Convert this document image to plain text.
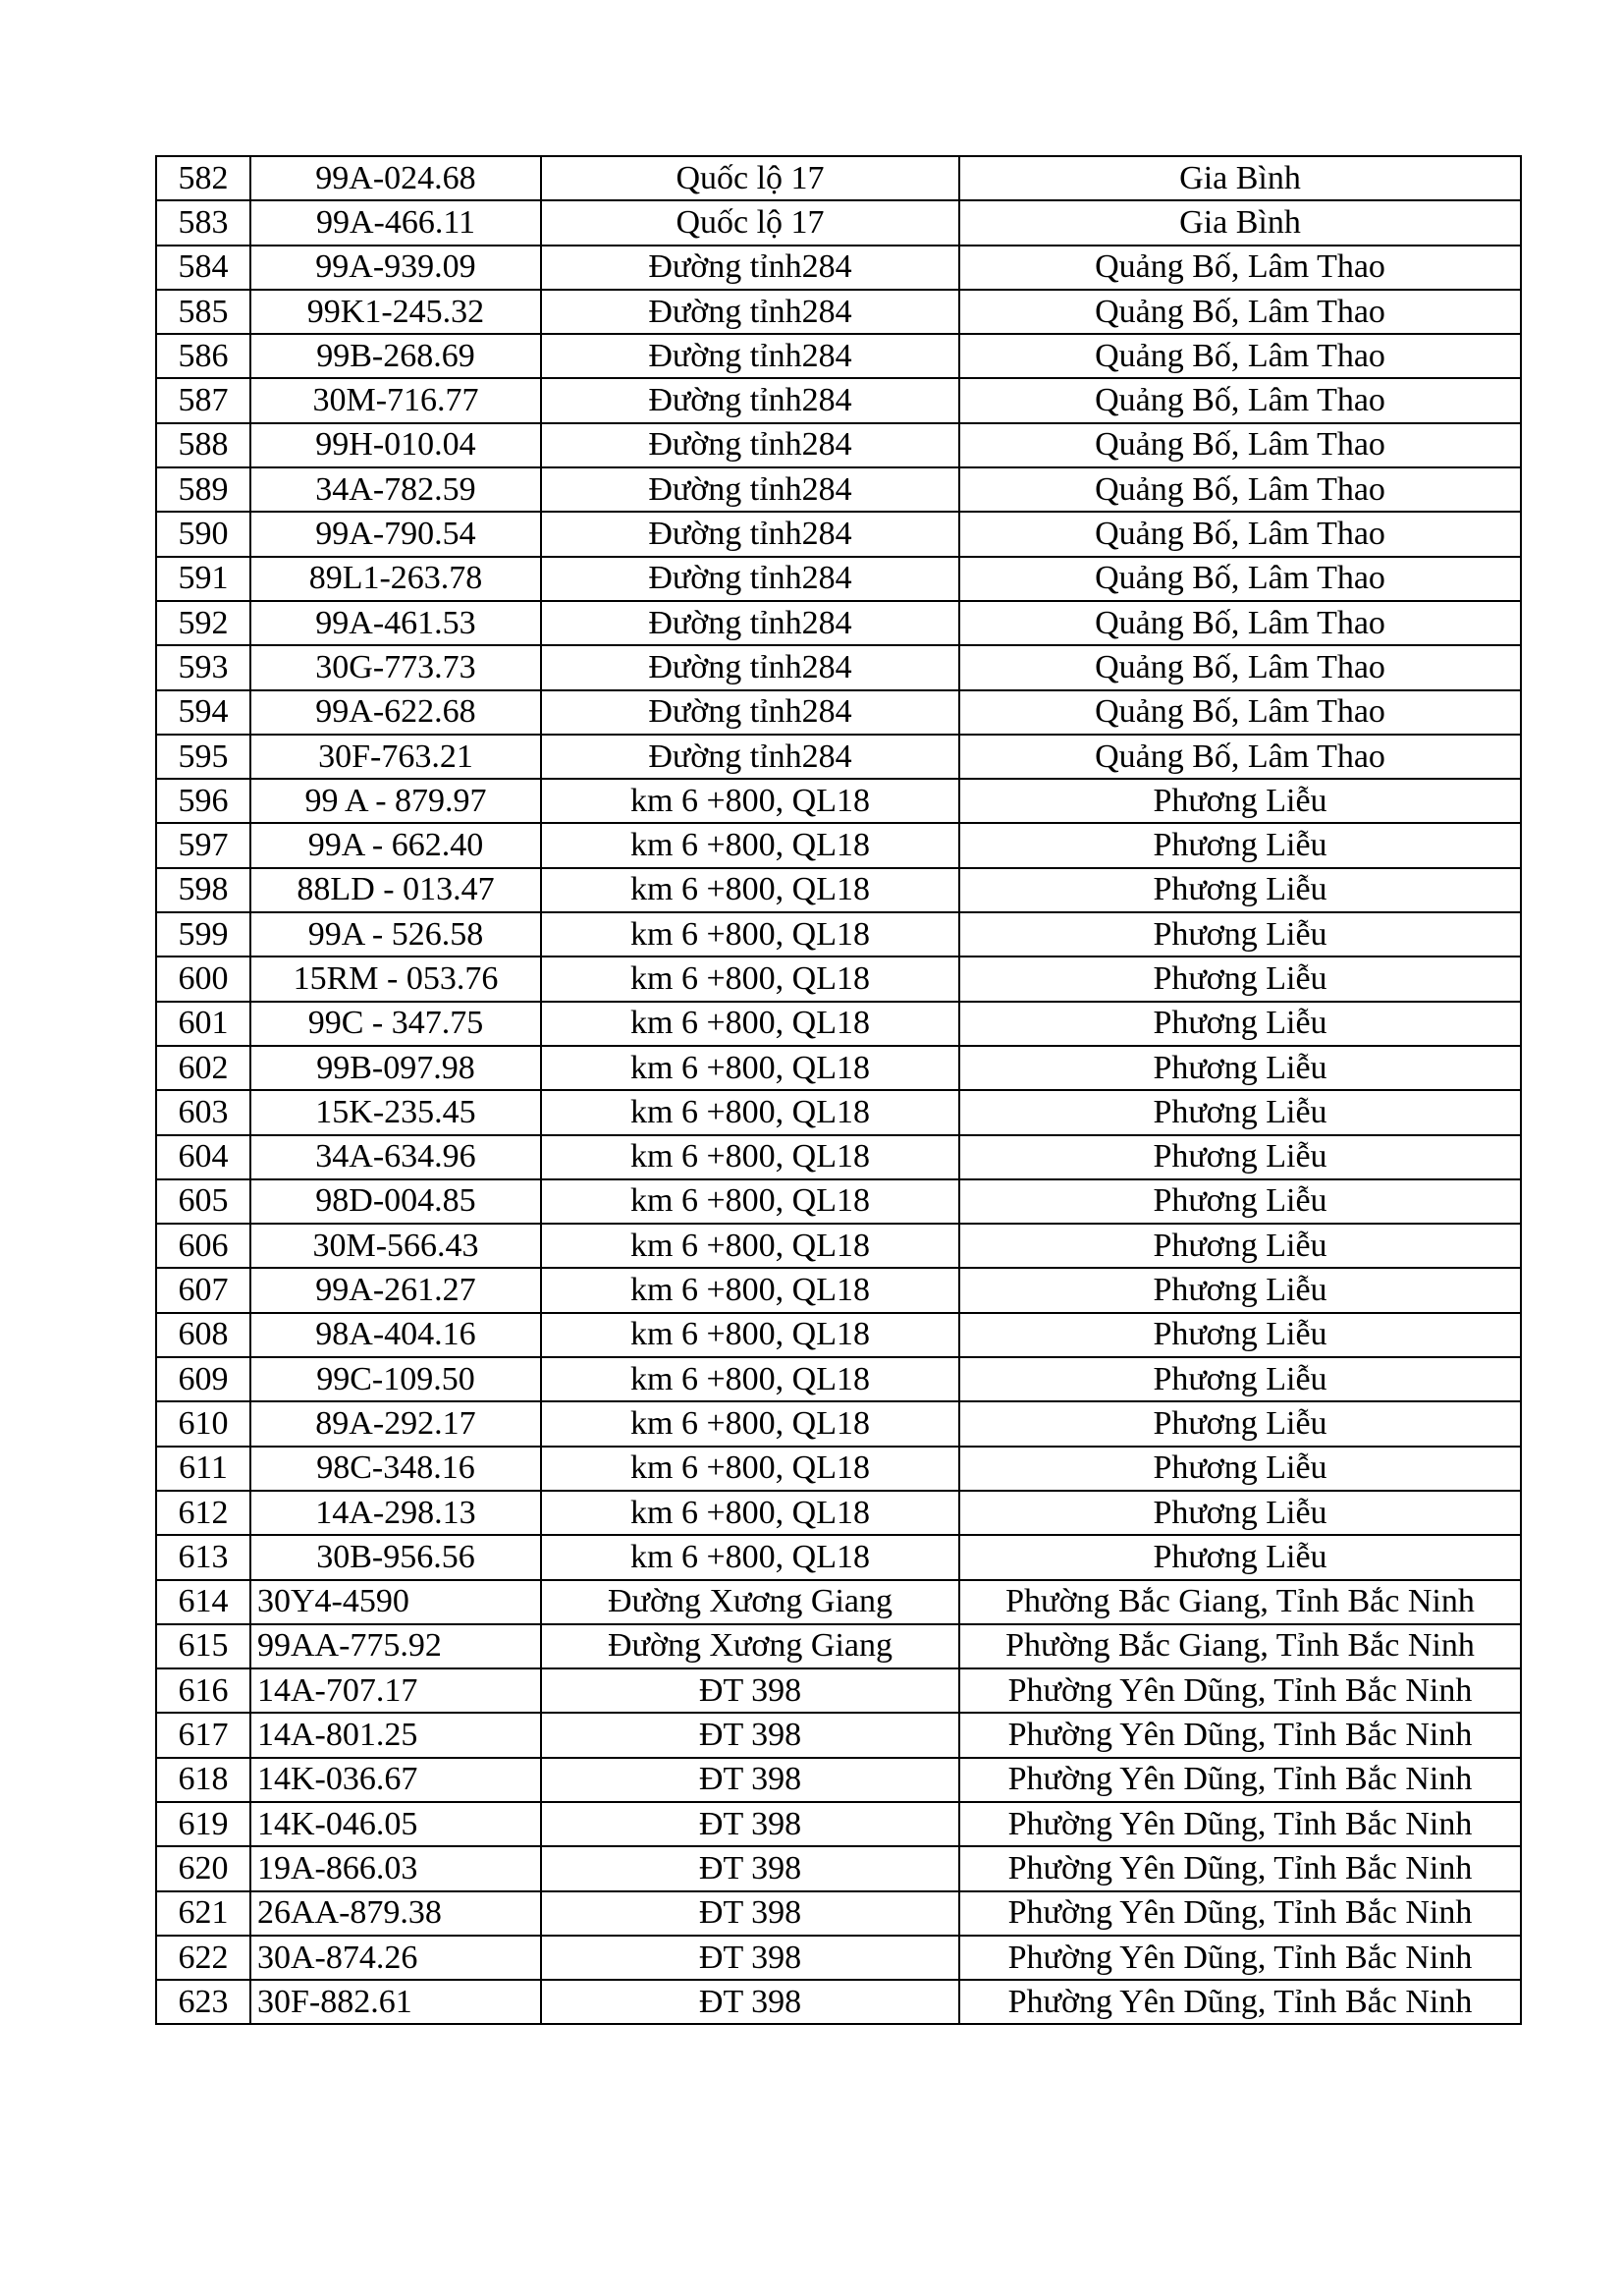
582	99A-024.68	Quốc lộ 17	Gia Bình
583	99A-466.11	Quốc lộ 17	Gia Bình
584	99A-939.09	Đường tỉnh284	Quảng Bố, Lâm Thao
585	99K1-245.32	Đường tỉnh284	Quảng Bố, Lâm Thao
586	99B-268.69	Đường tỉnh284	Quảng Bố, Lâm Thao
587	30M-716.77	Đường tỉnh284	Quảng Bố, Lâm Thao
588	99H-010.04	Đường tỉnh284	Quảng Bố, Lâm Thao
589	34A-782.59	Đường tỉnh284	Quảng Bố, Lâm Thao
590	99A-790.54	Đường tỉnh284	Quảng Bố, Lâm Thao
591	89L1-263.78	Đường tỉnh284	Quảng Bố, Lâm Thao
592	99A-461.53	Đường tỉnh284	Quảng Bố, Lâm Thao
593	30G-773.73	Đường tỉnh284	Quảng Bố, Lâm Thao
594	99A-622.68	Đường tỉnh284	Quảng Bố, Lâm Thao
595	30F-763.21	Đường tỉnh284	Quảng Bố, Lâm Thao
596	99 A - 879.97	km 6 +800, QL18	Phương Liễu
597	99A - 662.40	km 6 +800, QL18	Phương Liễu
598	88LD - 013.47	km 6 +800, QL18	Phương Liễu
599	99A - 526.58	km 6 +800, QL18	Phương Liễu
600	15RM - 053.76	km 6 +800, QL18	Phương Liễu
601	99C - 347.75	km 6 +800, QL18	Phương Liễu
602	99B-097.98	km 6 +800, QL18	Phương Liễu
603	15K-235.45	km 6 +800, QL18	Phương Liễu
604	34A-634.96	km 6 +800, QL18	Phương Liễu
605	98D-004.85	km 6 +800, QL18	Phương Liễu
606	30M-566.43	km 6 +800, QL18	Phương Liễu
607	99A-261.27	km 6 +800, QL18	Phương Liễu
608	98A-404.16	km 6 +800, QL18	Phương Liễu
609	99C-109.50	km 6 +800, QL18	Phương Liễu
610	89A-292.17	km 6 +800, QL18	Phương Liễu
611	98C-348.16	km 6 +800, QL18	Phương Liễu
612	14A-298.13	km 6 +800, QL18	Phương Liễu
613	30B-956.56	km 6 +800, QL18	Phương Liễu
614	30Y4-4590	Đường Xương Giang	Phường Bắc Giang, Tỉnh Bắc Ninh
615	99AA-775.92	Đường Xương Giang	Phường Bắc Giang, Tỉnh Bắc Ninh
616	14A-707.17	ĐT 398	Phường Yên Dũng, Tỉnh Bắc Ninh
617	14A-801.25	ĐT 398	Phường Yên Dũng, Tỉnh Bắc Ninh
618	14K-036.67	ĐT 398	Phường Yên Dũng, Tỉnh Bắc Ninh
619	14K-046.05	ĐT 398	Phường Yên Dũng, Tỉnh Bắc Ninh
620	19A-866.03	ĐT 398	Phường Yên Dũng, Tỉnh Bắc Ninh
621	26AA-879.38	ĐT 398	Phường Yên Dũng, Tỉnh Bắc Ninh
622	30A-874.26	ĐT 398	Phường Yên Dũng, Tỉnh Bắc Ninh
623	30F-882.61	ĐT 398	Phường Yên Dũng, Tỉnh Bắc Ninh
